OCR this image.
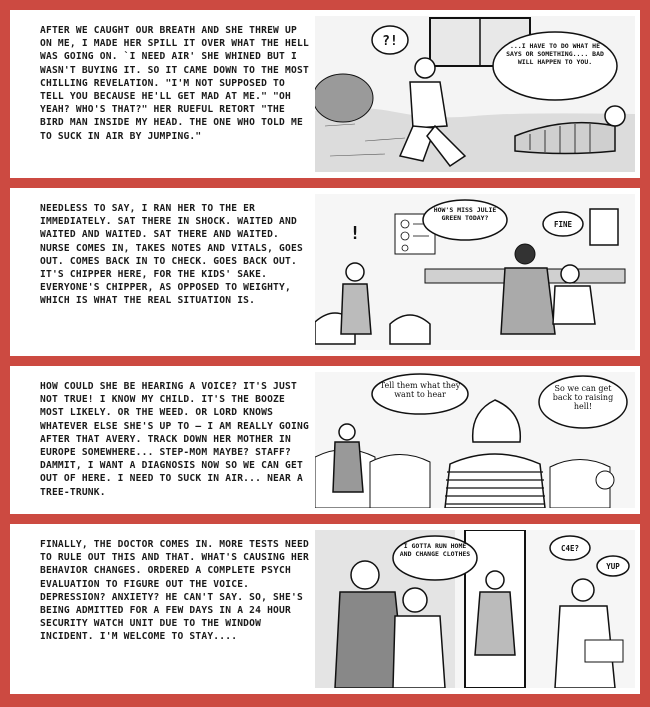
AFTER WE CAUGHT OUR BREATH AND SHE THREW UP ON ME, I MADE HER SPILL IT OVER WHAT THE HELL WAS GOING ON. `I NEED AIR' SHE WHINED BUT I WASN'T BUYING IT. SO IT CAME DOWN TO THE MOST CHILLING REVELATION. "I'M NOT SUPPOSED TO TELL YOU BECAUSE HE'LL GET MAD AT ME." "OH YEAH? WHO'S THAT?" HER RUEFUL RETORT "THE BIRD MAN INSIDE MY HEAD. THE ONE WHO TOLD ME TO SUCK IN AIR BY JUMPING."
?!	...I HAVE TO DO WHAT HE SAYS OR SOMETHING.... BAD WILL HAPPEN TO YOU.
NEEDLESS TO SAY, I RAN HER TO THE ER IMMEDIATELY. SAT THERE IN SHOCK. WAITED AND WAITED AND WAITED. SAT THERE AND WAITED. NURSE COMES IN, TAKES NOTES AND VITALS, GOES OUT. COMES BACK IN TO CHECK. GOES BACK OUT. IT'S CHIPPER HERE, FOR THE KIDS' SAKE. EVERYONE'S CHIPPER, AS OPPOSED TO WEIGHTY, WHICH IS WHAT THE REAL SITUATION IS.
!
HOW'S MISS JULIE GREEN TODAY?
FINE
HOW COULD SHE BE HEARING A VOICE? IT'S JUST NOT TRUE! I KNOW MY CHILD. IT'S THE BOOZE MOST LIKELY. OR THE WEED. OR LORD KNOWS WHATEVER ELSE SHE'S UP TO — I AM REALLY GOING AFTER THAT AVERY. TRACK DOWN HER MOTHER IN EUROPE SOMEWHERE... STEP-MOM MAYBE? STAFF? DAMMIT, I WANT A DIAGNOSIS NOW SO WE CAN GET OUT OF HERE. I NEED TO SUCK IN AIR... NEAR A TREE-TRUNK.
Tell them what they want to hear
So we can get back to raising hell!
FINALLY, THE DOCTOR COMES IN. MORE TESTS NEED TO RULE OUT THIS AND THAT. WHAT'S CAUSING HER BEHAVIOR CHANGES. ORDERED A COMPLETE PSYCH EVALUATION TO FIGURE OUT THE VOICE. DEPRESSION? ANXIETY? HE CAN'T SAY. SO, SHE'S BEING ADMITTED FOR A FEW DAYS IN A 24 HOUR SECURITY WATCH UNIT DUE TO THE WINDOW INCIDENT. I'M WELCOME TO STAY....
I GOTTA RUN HOME AND CHANGE CLOTHES
C4E?
YUP
